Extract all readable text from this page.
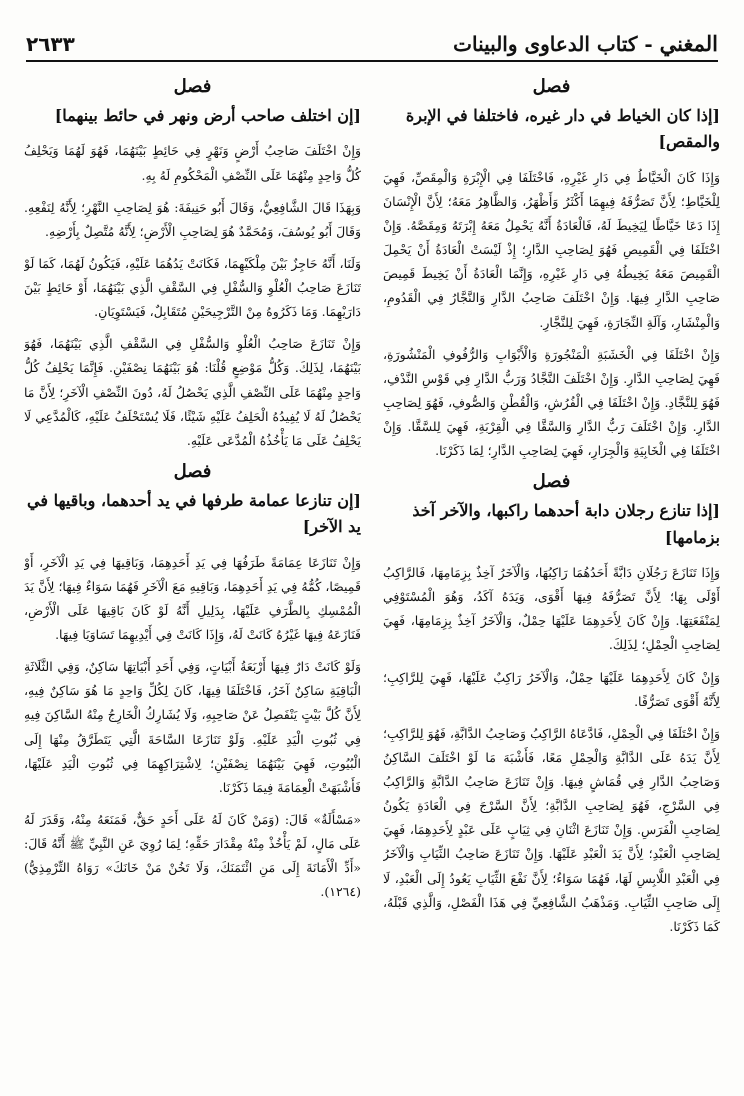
المغني - كتاب الدعاوى والبينات
٢٦٣٣
فصل
[إذا كان الخياط في دار غيره، فاختلفا في الإبرة والمقص]

وَإِذَا كَانَ الْخَيَّاطُ فِي دَارِ غَيْرِهِ، فَاخْتَلَفَا فِي الْإِبْرَةِ وَالْمِقَصِّ، فَهِيَ لِلْخَيَّاطِ؛ لِأَنَّ تَصَرُّفَهُ فِيهِمَا أَكْثَرُ وَأَظْهَرُ، وَالظَّاهِرُ مَعَهُ؛ لِأَنَّ الْإِنْسَانَ إِذَا دَعَا خَيَّاطًا لِيَخِيطَ لَهُ، فَالْعَادَةُ أَنَّهُ يَحْمِلُ مَعَهُ إِبْرَتَهُ وَمِقَصَّهُ. وَإِنْ اخْتَلَفَا فِي الْقَمِيصِ فَهُوَ لِصَاحِبِ الدَّارِ؛ إِذْ لَيْسَتْ الْعَادَةُ أَنْ يَحْمِلَ الْقَمِيصَ مَعَهُ يَخِيطُهُ فِي دَارِ غَيْرِهِ، وَإِنَّمَا الْعَادَةُ أَنْ يَخِيطَ قَمِيصَ صَاحِبِ الدَّارِ فِيهَا. وَإِنْ اخْتَلَفَ صَاحِبُ الدَّارِ وَالنَّجَّارُ فِي الْقَدُومِ، وَالْمِنْشَارِ، وَآلَةِ النِّجَارَةِ، فَهِيَ لِلنَّجَّارِ.

وَإِنْ اخْتَلَفَا فِي الْخَشَبَةِ الْمَنْجُورَةِ وَالْأَبْوَابِ وَالرُّفُوفِ الْمَنْشُورَةِ، فَهِيَ لِصَاحِبِ الدَّارِ. وَإِنْ اخْتَلَفَ النَّجَّادُ وَرَبُّ الدَّارِ فِي قَوْسِ النَّدْفِ، فَهُوَ لِلنَّجَّادِ. وَإِنْ اخْتَلَفَا فِي الْفُرُشِ، وَالْقُطْنِ وَالصُّوفِ، فَهُوَ لِصَاحِبِ الدَّارِ. وَإِنْ اخْتَلَفَ رَبُّ الدَّارِ وَالسَّقَّا فِي الْقِرْبَةِ، فَهِيَ لِلسَّقَّا. وَإِنْ اخْتَلَفَا فِي الْخَابِيَةِ وَالْجِرَارِ، فَهِيَ لِصَاحِبِ الدَّارِ؛ لِمَا ذَكَرْنَا.

فصل
[إذا تنازع رجلان دابة أحدهما راكبها، والآخر آخذ بزمامها]

وَإِذَا تَنَازَعَ رَجُلَانِ دَابَّةً أَحَدُهُمَا رَاكِبُهَا، وَالْآخَرُ آخِذٌ بِزِمَامِهَا، فَالرَّاكِبُ أَوْلَى بِهَا؛ لِأَنَّ تَصَرُّفَهُ فِيهَا أَقْوَى، وَيَدَهُ آكَدُ، وَهُوَ الْمُسْتَوْفِي لِمَنْفَعَتِهَا. وَإِنْ كَانَ لِأَحَدِهِمَا عَلَيْهَا حِمْلٌ، وَالْآخَرُ آخِذٌ بِزِمَامِهَا، فَهِيَ لِصَاحِبِ الْحِمْلِ؛ لِذَلِكَ.

وَإِنْ كَانَ لِأَحَدِهِمَا عَلَيْهَا حِمْلٌ، وَالْآخَرُ رَاكِبٌ عَلَيْهَا، فَهِيَ لِلرَّاكِبِ؛ لِأَنَّهُ أَقْوَى تَصَرُّفًا.

وَإِنْ اخْتَلَفَا فِي الْحِمْلِ، فَادَّعَاهُ الرَّاكِبُ وَصَاحِبُ الدَّابَّةِ، فَهُوَ لِلرَّاكِبِ؛ لِأَنَّ يَدَهُ عَلَى الدَّابَّةِ وَالْحِمْلِ مَعًا، فَأَشْبَهَ مَا لَوْ اخْتَلَفَ السَّاكِنُ وَصَاحِبُ الدَّارِ فِي قُمَاشٍ فِيهَا. وَإِنْ تَنَازَعَ صَاحِبُ الدَّابَّةِ وَالرَّاكِبُ فِي السَّرْجِ، فَهُوَ لِصَاحِبِ الدَّابَّةِ؛ لِأَنَّ السَّرْجَ فِي الْعَادَةِ يَكُونُ لِصَاحِبِ الْفَرَسِ. وَإِنْ تَنَازَعَ اثْنَانِ فِي ثِيَابٍ عَلَى عَبْدٍ لِأَحَدِهِمَا، فَهِيَ لِصَاحِبِ الْعَبْدِ؛ لِأَنَّ يَدَ الْعَبْدِ عَلَيْهَا. وَإِنْ تَنَازَعَ صَاحِبُ الثِّيَابِ وَالْآخَرُ فِي الْعَبْدِ اللَّابِسِ لَهَا، فَهُمَا سَوَاءٌ؛ لِأَنَّ نَفْعَ الثِّيَابِ يَعُودُ إِلَى الْعَبْدِ، لَا إِلَى صَاحِبِ الثِّيَابِ. وَمَذْهَبُ الشَّافِعِيِّ فِي هَذَا الْفَصْلِ، وَالَّذِي قَبْلَهُ، كَمَا ذَكَرْنَا.

فصل
[إن اختلف صاحب أرض ونهر في حائط بينهما]

وَإِنْ اخْتَلَفَ صَاحِبُ أَرْضٍ وَنَهْرٍ فِي حَائِطٍ بَيْنَهُمَا، فَهُوَ لَهُمَا وَيَحْلِفُ كُلُّ وَاحِدٍ مِنْهُمَا عَلَى النِّصْفِ الْمَحْكُومِ لَهُ بِهِ.

وَبِهَذَا قَالَ الشَّافِعِيُّ، وَقَالَ أَبُو حَنِيفَةَ: هُوَ لِصَاحِبِ النَّهْرِ؛ لِأَنَّهُ لِنَفْعِهِ. وَقَالَ أَبُو يُوسُفَ، وَمُحَمَّدٌ هُوَ لِصَاحِبِ الْأَرْضِ؛ لِأَنَّهُ مُتَّصِلٌ بِأَرْضِهِ.

وَلَنَا، أَنَّهُ حَاجِزٌ بَيْنَ مِلْكَيْهِمَا، فَكَانَتْ يَدُهُمَا عَلَيْهِ، فَيَكُونُ لَهُمَا، كَمَا لَوْ تَنَازَعَ صَاحِبُ الْعُلْوِ وَالسُّفْلِ فِي السَّقْفِ الَّذِي بَيْنَهُمَا، أَوْ حَائِطٍ بَيْنَ دَارَيْهِمَا. وَمَا ذَكَرُوهُ مِنْ التَّرْجِيحَيْنِ مُتَقَابِلٌ، فَيَسْتَوِيَانِ.

وَإِنْ تَنَازَعَ صَاحِبُ الْعُلْوِ وَالسُّفْلِ فِي السَّقْفِ الَّذِي بَيْنَهُمَا، فَهُوَ بَيْنَهُمَا، لِذَلِكَ. وَكُلُّ مَوْضِعٍ قُلْنَا: هُوَ بَيْنَهُمَا نِصْفَيْنِ. فَإِنَّمَا يَحْلِفُ كُلُّ وَاحِدٍ مِنْهُمَا عَلَى النِّصْفِ الَّذِي يَحْصُلُ لَهُ، دُونَ النِّصْفِ الْآخَرِ؛ لِأَنَّ مَا يَحْصُلُ لَهُ لَا يُفِيدُهُ الْحَلِفُ عَلَيْهِ شَيْئًا، فَلَا يُسْتَحْلَفُ عَلَيْهِ، كَالْمُدَّعِي لَا يَحْلِفُ عَلَى مَا يَأْخُذُهُ الْمُدَّعَى عَلَيْهِ.

فصل
[إن تنازعا عمامة طرفها في يد أحدهما، وباقيها في يد الآخر]

وَإِنْ تَنَازَعَا عِمَامَةً طَرَفُهَا فِي يَدِ أَحَدِهِمَا، وَبَاقِيهَا فِي يَدِ الْآخَرِ، أَوْ قَمِيصًا، كُمُّهُ فِي يَدِ أَحَدِهِمَا، وَبَاقِيهِ مَعَ الْآخَرِ فَهُمَا سَوَاءٌ فِيهَا؛ لِأَنَّ يَدَ الْمُمْسِكِ بِالطَّرَفِ عَلَيْهَا، بِدَلِيلِ أَنَّهُ لَوْ كَانَ بَاقِيهَا عَلَى الْأَرْضِ، فَنَازَعَهُ فِيهَا غَيْرُهُ كَانَتْ لَهُ، وَإِذَا كَانَتْ فِي أَيْدِيهِمَا تَسَاوَيَا فِيهَا.

وَلَوْ كَانَتْ دَارٌ فِيهَا أَرْبَعَةُ أَبْيَاتٍ، وَفِي أَحَدِ أَبْيَاتِهَا سَاكِنٌ، وَفِي الثَّلَاثَةِ الْبَاقِيَةِ سَاكِنٌ آخَرُ، فَاخْتَلَفَا فِيهَا، كَانَ لِكُلِّ وَاحِدٍ مَا هُوَ سَاكِنٌ فِيهِ، لِأَنَّ كُلَّ بَيْتٍ يَنْفَصِلُ عَنْ صَاحِبِهِ، وَلَا يُشَارِكُ الْخَارِجُ مِنْهُ السَّاكِنَ فِيهِ فِي ثُبُوتِ الْيَدِ عَلَيْهِ. وَلَوْ تَنَازَعَا السَّاحَةَ الَّتِي يَتَطَرَّقُ مِنْهَا إِلَى الْبُيُوتِ، فَهِيَ بَيْنَهُمَا نِصْفَيْنِ؛ لِاشْتِرَاكِهِمَا فِي ثُبُوتِ الْيَدِ عَلَيْهَا، فَأَشْبَهَتْ الْعِمَامَةَ فِيمَا ذَكَرْنَا.

«مَسْأَلَةٌ» قَالَ: (وَمَنْ كَانَ لَهُ عَلَى أَحَدٍ حَقٌّ، فَمَنَعَهُ مِنْهُ، وَقَدَرَ لَهُ عَلَى مَالٍ، لَمْ يَأْخُذْ مِنْهُ مِقْدَارَ حَقِّهِ؛ لِمَا رُوِيَ عَنِ النَّبِيِّ ﷺ أَنَّهُ قَالَ: «أَدِّ الْأَمَانَةَ إِلَى مَنِ ائْتَمَنَكَ، وَلَا تَخُنْ مَنْ خَانَكَ» رَوَاهُ التِّرْمِذِيُّ) (١٢٦٤).
